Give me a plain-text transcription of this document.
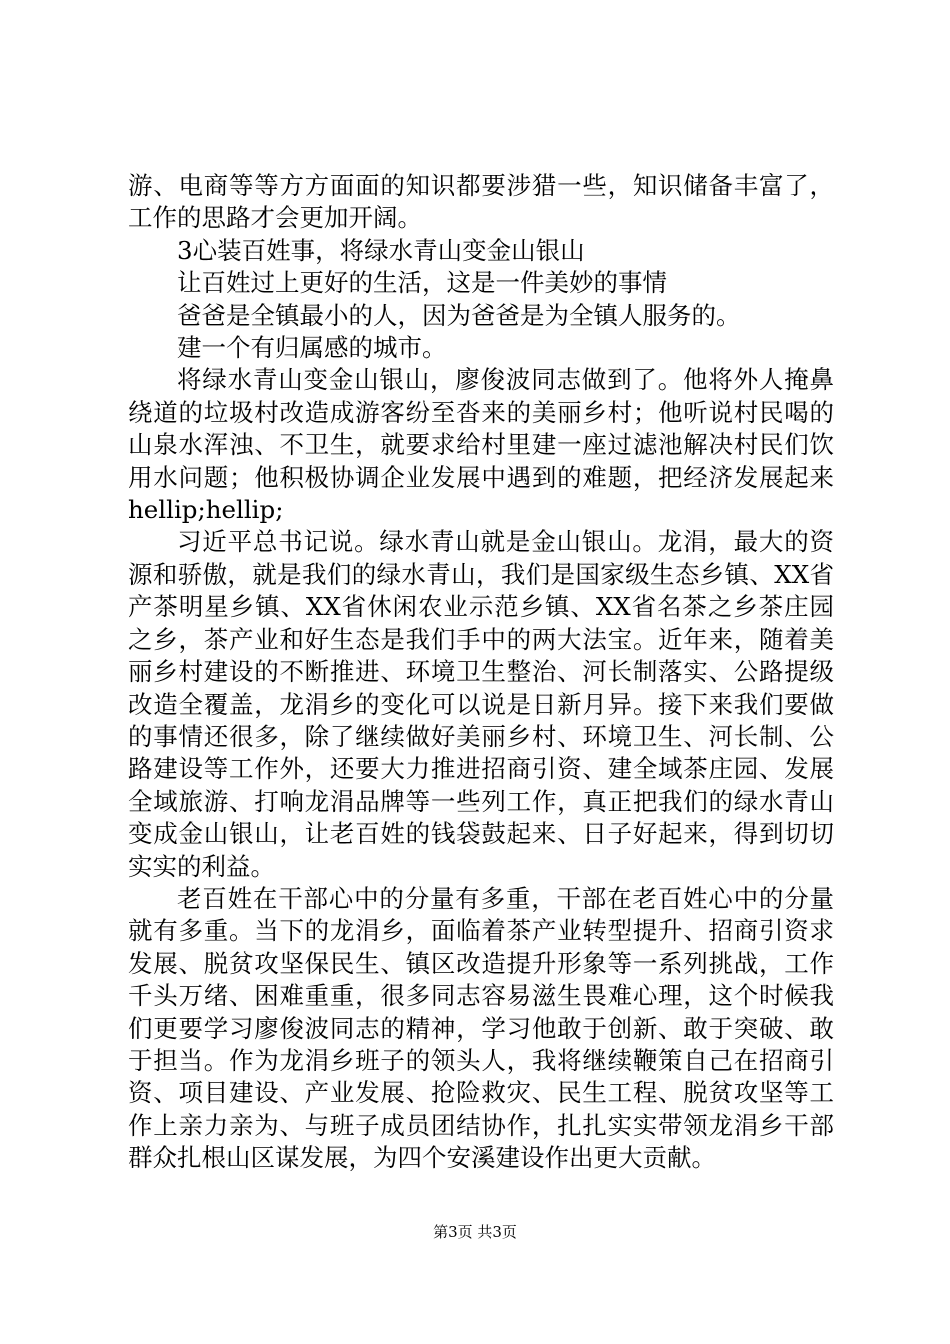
游、电商等等方方面面的知识都要涉猎一些，知识储备丰富了，工作的思路才会更加开阔。

3心装百姓事，将绿水青山变金山银山

让百姓过上更好的生活，这是一件美妙的事情

爸爸是全镇最小的人，因为爸爸是为全镇人服务的。

建一个有归属感的城市。

将绿水青山变金山银山，廖俊波同志做到了。他将外人掩鼻绕道的垃圾村改造成游客纷至沓来的美丽乡村；他听说村民喝的山泉水浑浊、不卫生，就要求给村里建一座过滤池解决村民们饮用水问题；他积极协调企业发展中遇到的难题，把经济发展起来hellip;hellip;

习近平总书记说。绿水青山就是金山银山。龙涓，最大的资源和骄傲，就是我们的绿水青山，我们是国家级生态乡镇、XX省产茶明星乡镇、XX省休闲农业示范乡镇、XX省名茶之乡茶庄园之乡，茶产业和好生态是我们手中的两大法宝。近年来，随着美丽乡村建设的不断推进、环境卫生整治、河长制落实、公路提级改造全覆盖，龙涓乡的变化可以说是日新月异。接下来我们要做的事情还很多，除了继续做好美丽乡村、环境卫生、河长制、公路建设等工作外，还要大力推进招商引资、建全域茶庄园、发展全域旅游、打响龙涓品牌等一些列工作，真正把我们的绿水青山变成金山银山，让老百姓的钱袋鼓起来、日子好起来，得到切切实实的利益。

老百姓在干部心中的分量有多重，干部在老百姓心中的分量就有多重。当下的龙涓乡，面临着茶产业转型提升、招商引资求发展、脱贫攻坚保民生、镇区改造提升形象等一系列挑战，工作千头万绪、困难重重，很多同志容易滋生畏难心理，这个时候我们更要学习廖俊波同志的精神，学习他敢于创新、敢于突破、敢于担当。作为龙涓乡班子的领头人，我将继续鞭策自己在招商引资、项目建设、产业发展、抢险救灾、民生工程、脱贫攻坚等工作上亲力亲为、与班子成员团结协作，扎扎实实带领龙涓乡干部群众扎根山区谋发展，为四个安溪建设作出更大贡献。

第3页 共3页
